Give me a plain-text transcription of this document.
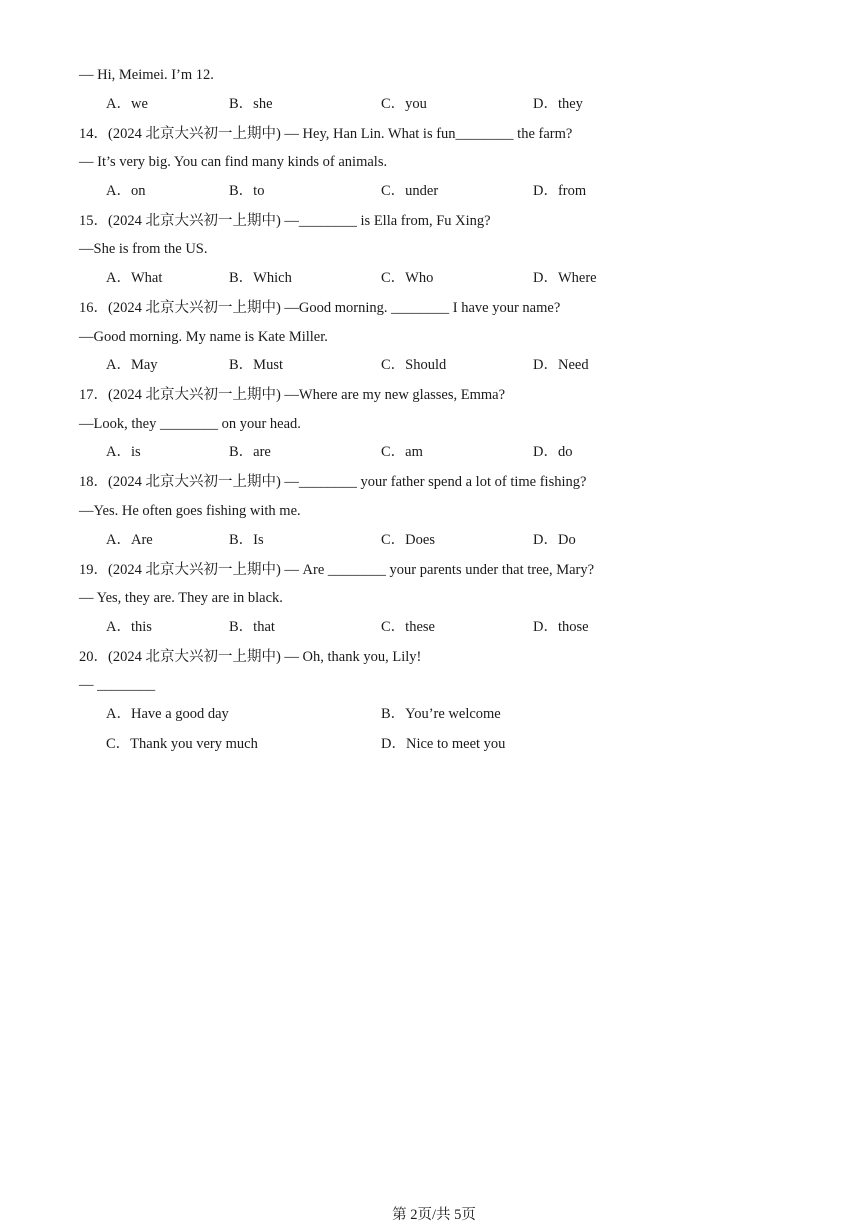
— Hi, Meimei. I’m 12.
A．we	B．she	C．you	D．they
14．(2024 北京大兴初一上期中) — Hey, Han Lin. What is fun________ the farm?
— It’s very big. You can find many kinds of animals.
A．on	B．to	C．under	D．from
15．(2024 北京大兴初一上期中) —________ is Ella from, Fu Xing?
—She is from the US.
A．What	B．Which	C．Who	D．Where
16．(2024 北京大兴初一上期中) —Good morning. ________ I have your name?
—Good morning. My name is Kate Miller.
A．May	B．Must	C．Should	D．Need
17．(2024 北京大兴初一上期中) —Where are my new glasses, Emma?
—Look, they ________ on your head.
A．is	B．are	C．am	D．do
18．(2024 北京大兴初一上期中) —________ your father spend a lot of time fishing?
—Yes. He often goes fishing with me.
A．Are	B．Is	C．Does	D．Do
19．(2024 北京大兴初一上期中) — Are ________ your parents under that tree, Mary?
— Yes, they are. They are in black.
A．this	B．that	C．these	D．those
20．(2024 北京大兴初一上期中) — Oh, thank you, Lily!
— ________
A．Have a good day	B．You’re welcome
C．Thank you very much	D．Nice to meet you
第 2页/共 5页
